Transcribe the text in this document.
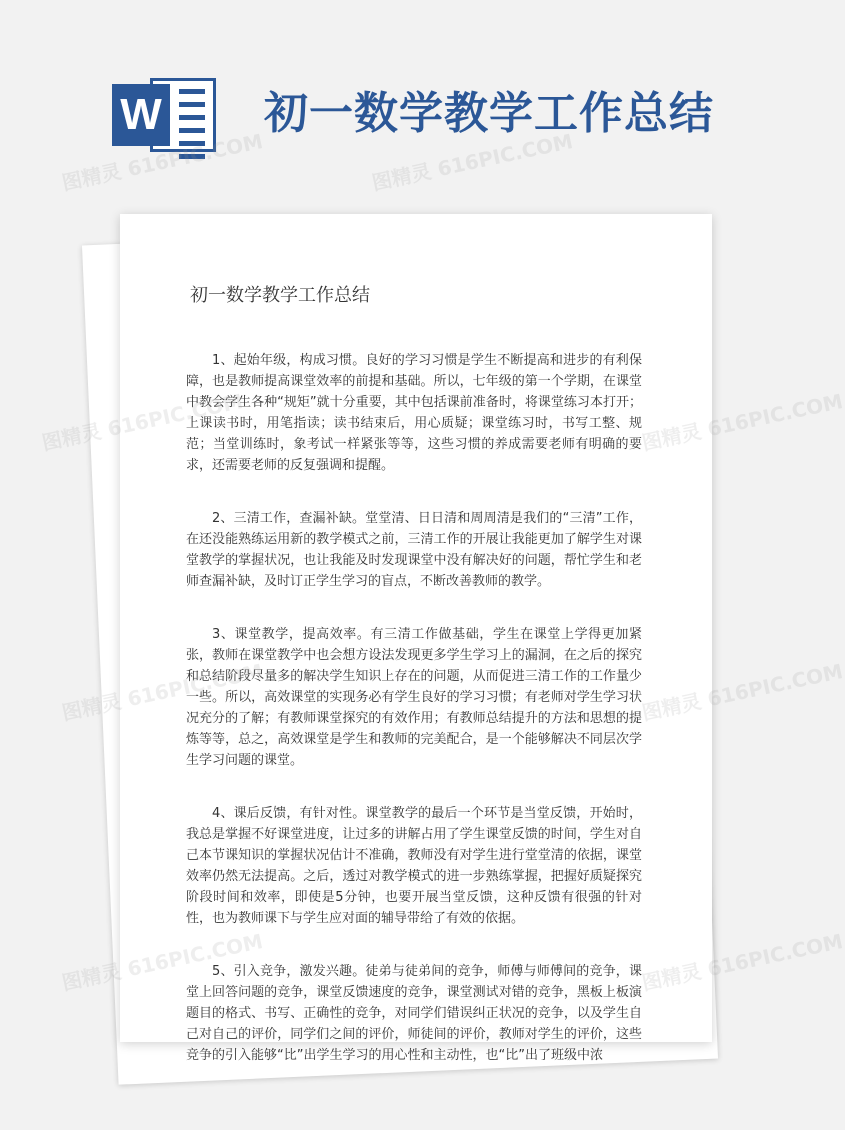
W 初一数学教学工作总结
初一数学教学工作总结

1、起始年级，构成习惯。良好的学习习惯是学生不断提高和进步的有利保障，也是教师提高课堂效率的前提和基础。所以，七年级的第一个学期，在课堂中教会学生各种“规矩”就十分重要，其中包括课前准备时，将课堂练习本打开；上课读书时，用笔指读；读书结束后，用心质疑；课堂练习时，书写工整、规范；当堂训练时，象考试一样紧张等等，这些习惯的养成需要老师有明确的要求，还需要老师的反复强调和提醒。

2、三清工作，查漏补缺。堂堂清、日日清和周周清是我们的“三清”工作，在还没能熟练运用新的教学模式之前，三清工作的开展让我能更加了解学生对课堂教学的掌握状况，也让我能及时发现课堂中没有解决好的问题，帮忙学生和老师查漏补缺，及时订正学生学习的盲点，不断改善教师的教学。

3、课堂教学，提高效率。有三清工作做基础，学生在课堂上学得更加紧张，教师在课堂教学中也会想方设法发现更多学生学习上的漏洞，在之后的探究和总结阶段尽量多的解决学生知识上存在的问题，从而促进三清工作的工作量少一些。所以，高效课堂的实现务必有学生良好的学习习惯；有老师对学生学习状况充分的了解；有教师课堂探究的有效作用；有教师总结提升的方法和思想的提炼等等，总之，高效课堂是学生和教师的完美配合，是一个能够解决不同层次学生学习问题的课堂。

4、课后反馈，有针对性。课堂教学的最后一个环节是当堂反馈，开始时，我总是掌握不好课堂进度，让过多的讲解占用了学生课堂反馈的时间，学生对自己本节课知识的掌握状况估计不准确，教师没有对学生进行堂堂清的依据，课堂效率仍然无法提高。之后，透过对教学模式的进一步熟练掌握，把握好质疑探究阶段时间和效率，即使是5分钟，也要开展当堂反馈，这种反馈有很强的针对性，也为教师课下与学生应对面的辅导带给了有效的依据。

5、引入竞争，激发兴趣。徒弟与徒弟间的竞争，师傅与师傅间的竞争，课堂上回答问题的竞争，课堂反馈速度的竞争，课堂测试对错的竞争，黑板上板演题目的格式、书写、正确性的竞争，对同学们错误纠正状况的竞争，以及学生自己对自己的评价，同学们之间的评价，师徒间的评价，教师对学生的评价，这些竞争的引入能够“比”出学生学习的用心性和主动性，也“比”出了班级中浓

图精灵 616PIC.COM	图精灵 616PIC.COM
图精灵	图精灵 616PIC.COM
图精灵	图精灵 616PIC.COM
图精灵	图精灵 616PIC.COM
